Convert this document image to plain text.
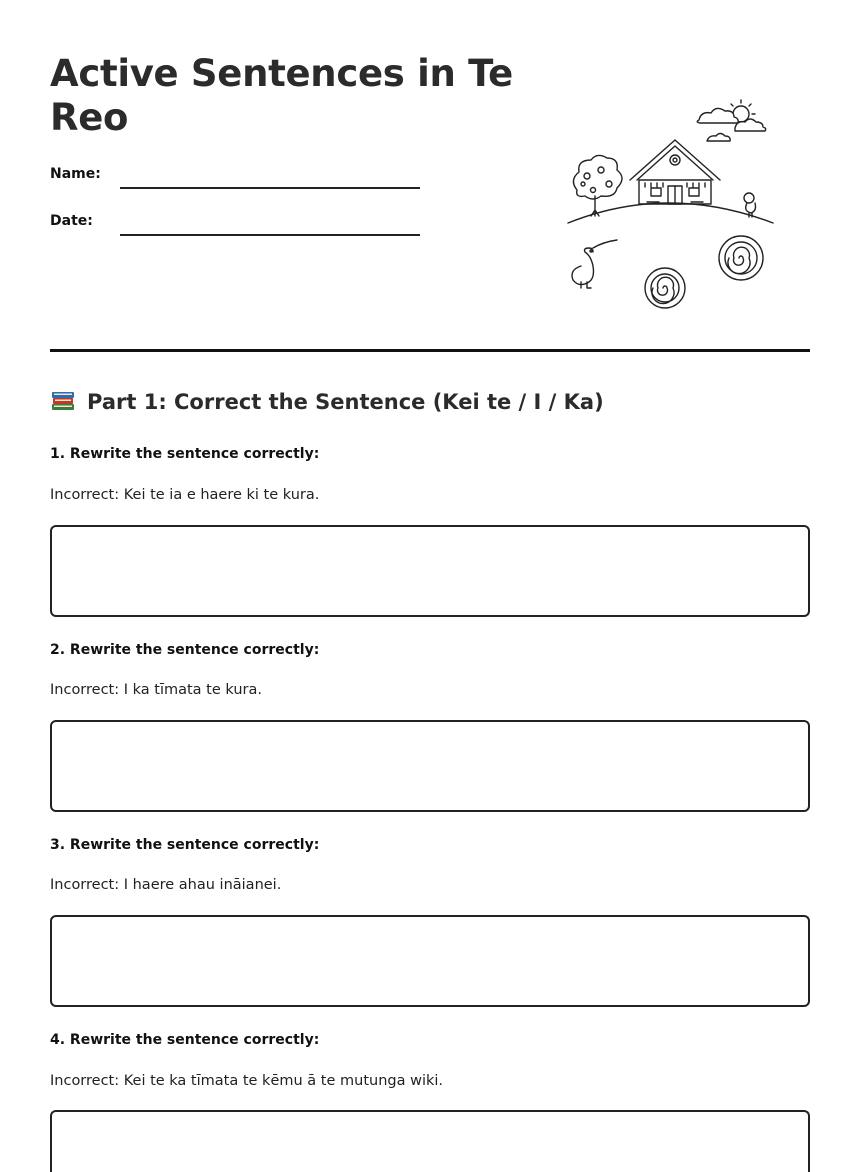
Active Sentences in Te Reo
Name:
Date:
Part 1: Correct the Sentence (Kei te / I / Ka)

1. Rewrite the sentence correctly:

Incorrect: Kei te ia e haere ki te kura.

2. Rewrite the sentence correctly:

Incorrect: I ka tīmata te kura.

3. Rewrite the sentence correctly:

Incorrect: I haere ahau ināianei.

4. Rewrite the sentence correctly:

Incorrect: Kei te ka tīmata te kēmu ā te mutunga wiki.
